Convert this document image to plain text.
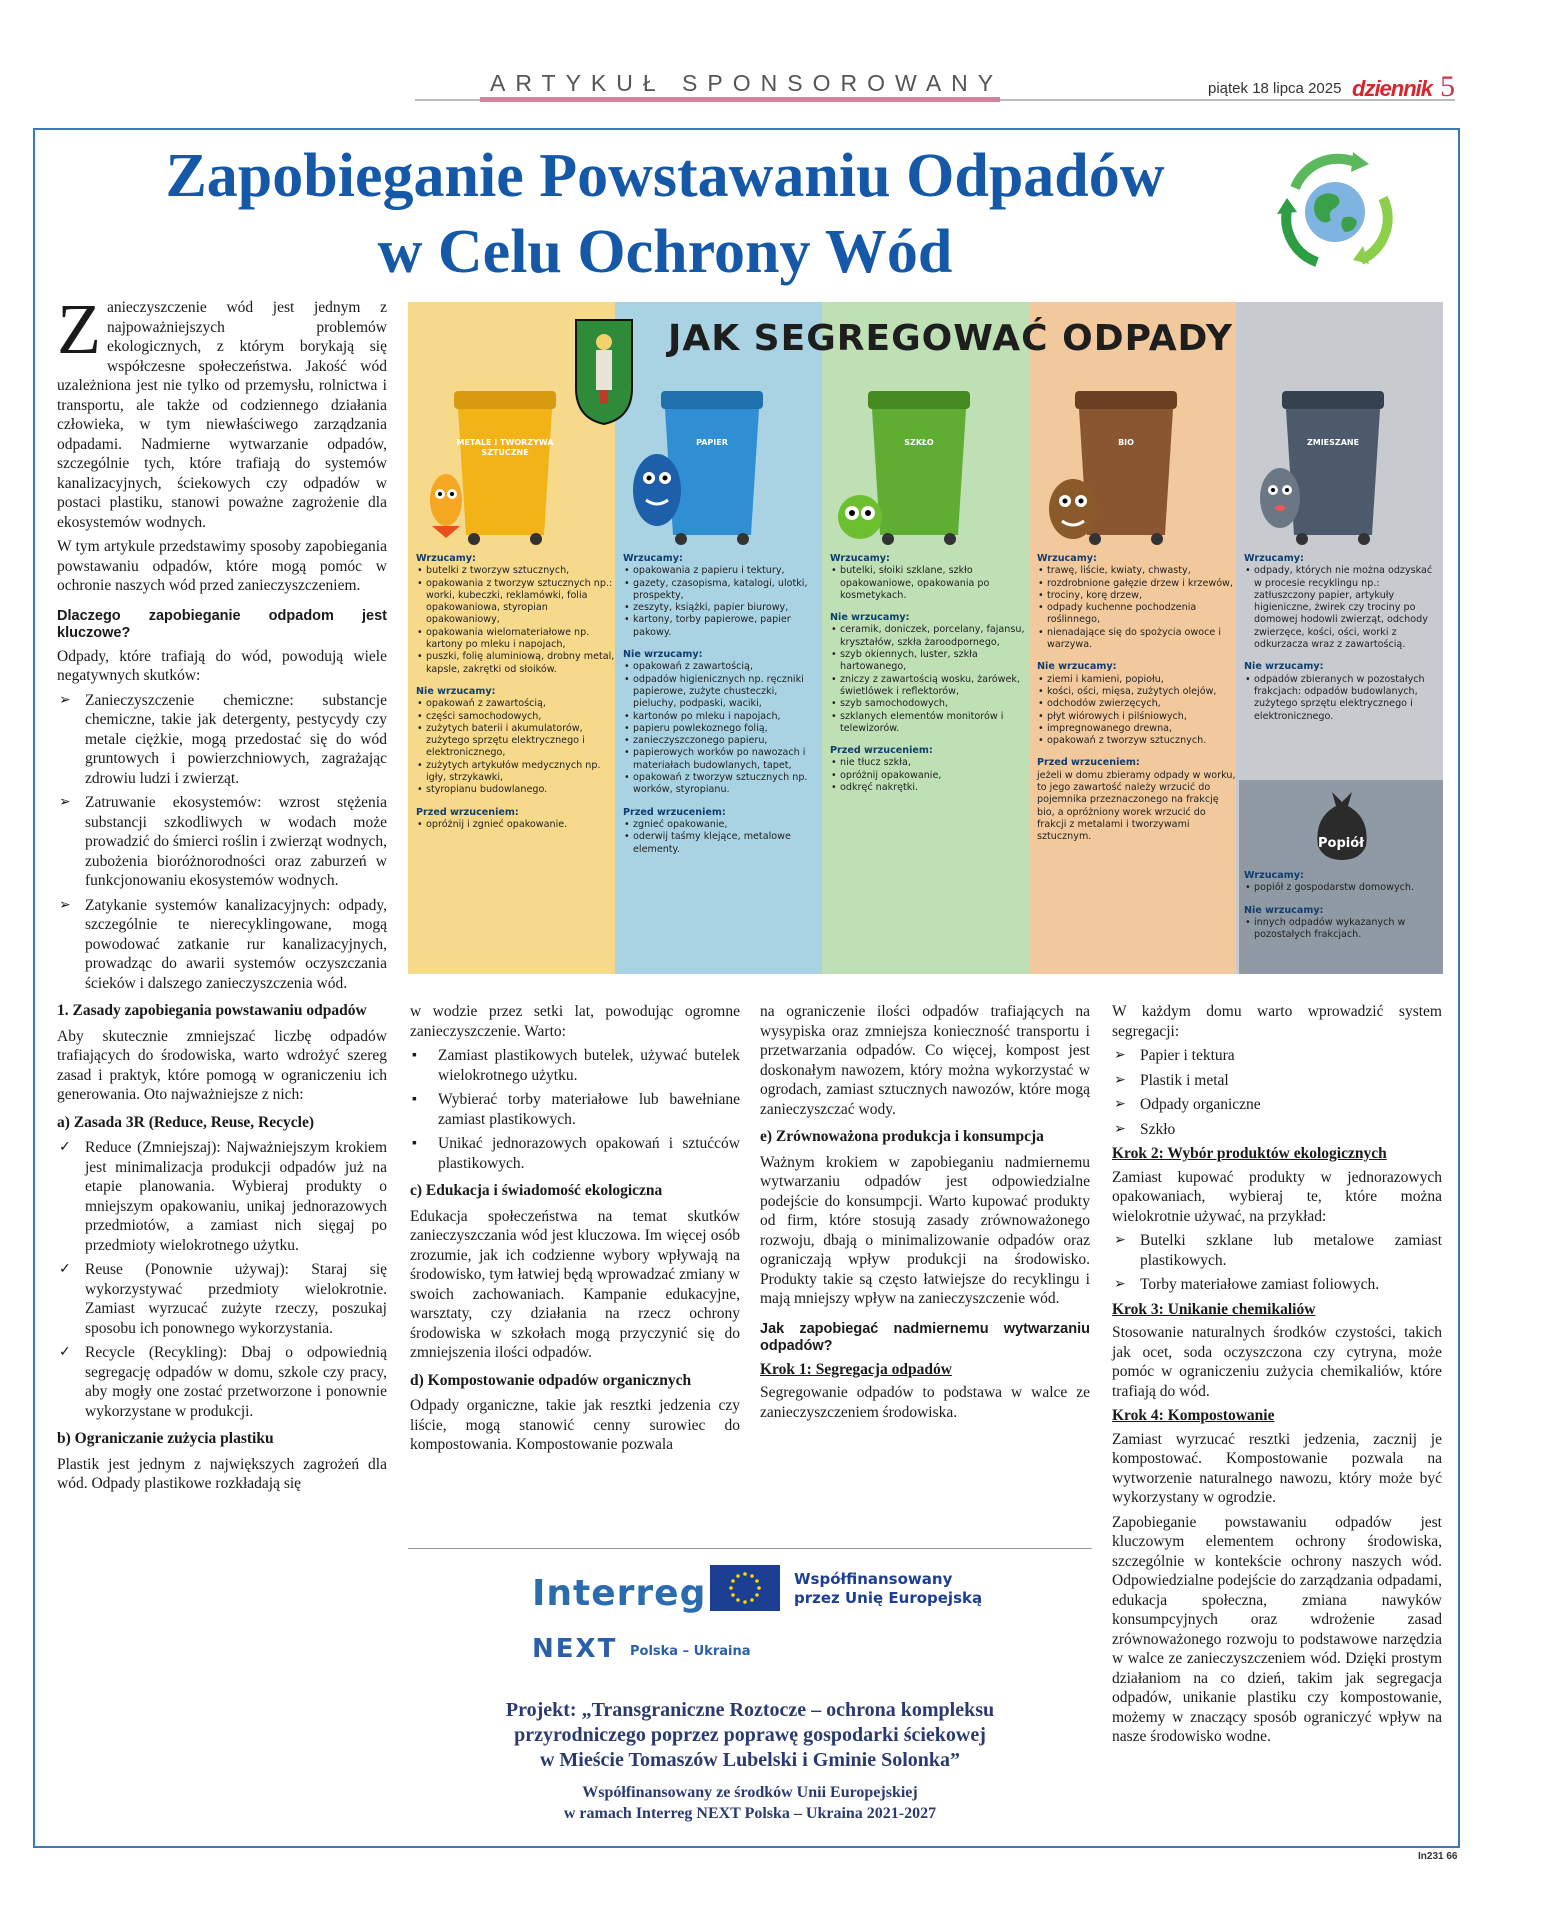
ARTYKUŁ SPONSOROWANY	piątek 18 lipca 2025 dziennik 5
Zapobieganie Powstawaniu Odpadów
w Celu Ochrony Wód

Zanieczyszczenie wód jest jednym z najpoważniejszych problemów ekologicznych, z którym borykają się współczesne społeczeństwa. Jakość wód uzależniona jest nie tylko od przemysłu, rolnictwa i transportu, ale także od codziennego działania człowieka, w tym niewłaściwego zarządzania odpadami. Nadmierne wytwarzanie odpadów, szczególnie tych, które trafiają do systemów kanalizacyjnych, ściekowych czy odpadów w postaci plastiku, stanowi poważne zagrożenie dla ekosystemów wodnych.

W tym artykule przedstawimy sposoby zapobiegania powstawaniu odpadów, które mogą pomóc w ochronie naszych wód przed zanieczyszczeniem.

Dlaczego zapobieganie odpadom jest kluczowe?

Odpady, które trafiają do wód, powodują wiele negatywnych skutków:

➢ Zanieczyszczenie chemiczne: substancje chemiczne, takie jak detergenty, pestycydy czy metale ciężkie, mogą przedostać się do wód gruntowych i powierzchniowych, zagrażając zdrowiu ludzi i zwierząt.
➢ Zatruwanie ekosystemów: wzrost stężenia substancji szkodliwych w wodach może prowadzić do śmierci roślin i zwierząt wodnych, zubożenia bioróżnorodności oraz zaburzeń w funkcjonowaniu ekosystemów wodnych.
➢ Zatykanie systemów kanalizacyjnych: odpady, szczególnie te nierecyklingowane, mogą powodować zatkanie rur kanalizacyjnych, prowadząc do awarii systemów oczyszczania ścieków i dalszego zanieczyszczenia wód.
1. Zasady zapobiegania powstawaniu odpadów

Aby skutecznie zmniejszać liczbę odpadów trafiających do środowiska, warto wdrożyć szereg zasad i praktyk, które pomogą w ograniczeniu ich generowania. Oto najważniejsze z nich:

a) Zasada 3R (Reduce, Reuse, Recycle)
✓ Reduce (Zmniejszaj): Najważniejszym krokiem jest minimalizacja produkcji odpadów już na etapie planowania. Wybieraj produkty o mniejszym opakowaniu, unikaj jednorazowych przedmiotów, a zamiast nich sięgaj po przedmioty wielokrotnego użytku.
✓ Reuse (Ponownie używaj): Staraj się wykorzystywać przedmioty wielokrotnie. Zamiast wyrzucać zużyte rzeczy, poszukaj sposobu ich ponownego wykorzystania.
✓ Recycle (Recykling): Dbaj o odpowiednią segregację odpadów w domu, szkole czy pracy, aby mogły one zostać przetworzone i ponownie wykorzystane w produkcji.
b) Ograniczanie zużycia plastiku

Plastik jest jednym z największych zagrożeń dla wód. Odpady plastikowe rozkładają się

JAK SEGREGOWAĆ ODPADY
METALE I TWORZYWA SZTUCZNE
PAPIER	SZKŁO	BIO	ZMIESZANE
Wrzucamy:
• butelki z tworzyw sztucznych,
• opakowania z tworzyw sztucznych np.: worki, kubeczki, reklamówki, folia opakowaniowa, styropian opakowaniowy,
• opakowania wielomateriałowe np. kartony po mleku i napojach,
• puszki, folię aluminiową, drobny metal, kapsle, zakrętki od słoików.
Nie wrzucamy:
• opakowań z zawartością,
• części samochodowych,
• zużytych baterii i akumulatorów, zużytego sprzętu elektrycznego i elektronicznego,
• zużytych artykułów medycznych np. igły, strzykawki,
• styropianu budowlanego.
Przed wrzuceniem:
• opróżnij i zgnieć opakowanie.
Wrzucamy:
• opakowania z papieru i tektury,
• gazety, czasopisma, katalogi, ulotki, prospekty,
• zeszyty, książki, papier biurowy,
• kartony, torby papierowe, papier pakowy.
Nie wrzucamy:
• opakowań z zawartością,
• odpadów higienicznych np. ręczniki papierowe, zużyte chusteczki, pieluchy, podpaski, waciki,
• kartonów po mleku i napojach,
• papieru powlekoznego folią,
• zanieczyszczonego papieru,
• papierowych worków po nawozach i materiałach budowlanych, tapet,
• opakowań z tworzyw sztucznych np. worków, styropianu.
Przed wrzuceniem:
• zgnieć opakowanie,
• oderwij taśmy klejące, metalowe elementy.
Wrzucamy:
• butelki, słoiki szklane, szkło opakowaniowe, opakowania po kosmetykach.
Nie wrzucamy:
• ceramik, doniczek, porcelany, fajansu, kryształów, szkła żaroodpornego,
• szyb okiennych, luster, szkła hartowanego,
• zniczy z zawartością wosku, żarówek, świetlówek i reflektorów,
• szyb samochodowych,
• szklanych elementów monitorów i telewizorów.
Przed wrzuceniem:
• nie tłucz szkła,
• opróżnij opakowanie,
• odkręć nakrętki.
Wrzucamy:
• trawę, liście, kwiaty, chwasty,
• rozdrobnione gałęzie drzew i krzewów,
• trociny, korę drzew,
• odpady kuchenne pochodzenia roślinnego,
• nienadające się do spożycia owoce i warzywa.
Nie wrzucamy:
• ziemi i kamieni, popiołu,
• kości, ości, mięsa, zużytych olejów,
• odchodów zwierzęcych,
• płyt wiórowych i pilśniowych,
• impregnowanego drewna,
• opakowań z tworzyw sztucznych.
Przed wrzuceniem:
jeżeli w domu zbieramy odpady w worku, to jego zawartość należy wrzucić do pojemnika przeznaczonego na frakcję bio, a opróżniony worek wrzucić do frakcji z metalami i tworzywami sztucznym.
Wrzucamy:
• odpady, których nie można odzyskać w procesie recyklingu np.: zatłuszczony papier, artykuły higieniczne, żwirek czy trociny po domowej hodowli zwierząt, odchody zwierzęce, kości, ości, worki z odkurzacza wraz z zawartością.
Nie wrzucamy:
• odpadów zbieranych w pozostałych frakcjach: odpadów budowlanych, zużytego sprzętu elektrycznego i elektronicznego.
Popiół
Wrzucamy:
• popiół z gospodarstw domowych.
Nie wrzucamy:
• innych odpadów wykazanych w pozostałych frakcjach.

w wodzie przez setki lat, powodując ogromne zanieczyszczenie. Warto:

▪ Zamiast plastikowych butelek, używać butelek wielokrotnego użytku.
▪ Wybierać torby materiałowe lub bawełniane zamiast plastikowych.
▪ Unikać jednorazowych opakowań i sztućców plastikowych.
c) Edukacja i świadomość ekologiczna

Edukacja społeczeństwa na temat skutków zanieczyszczania wód jest kluczowa. Im więcej osób zrozumie, jak ich codzienne wybory wpływają na środowisko, tym łatwiej będą wprowadzać zmiany w swoich zachowaniach. Kampanie edukacyjne, warsztaty, czy działania na rzecz ochrony środowiska w szkołach mogą przyczynić się do zmniejszenia ilości odpadów.

d) Kompostowanie odpadów organicznych

Odpady organiczne, takie jak resztki jedzenia czy liście, mogą stanowić cenny surowiec do kompostowania. Kompostowanie pozwala

na ograniczenie ilości odpadów trafiających na wysypiska oraz zmniejsza konieczność transportu i przetwarzania odpadów. Co więcej, kompost jest doskonałym nawozem, który można wykorzystać w ogrodach, zamiast sztucznych nawozów, które mogą zanieczyszczać wody.

e) Zrównoważona produkcja i konsumpcja

Ważnym krokiem w zapobieganiu nadmiernemu wytwarzaniu odpadów jest odpowiedzialne podejście do konsumpcji. Warto kupować produkty od firm, które stosują zasady zrównoważonego rozwoju, dbają o minimalizowanie odpadów oraz ograniczają wpływ produkcji na środowisko. Produkty takie są często łatwiejsze do recyklingu i mają mniejszy wpływ na zanieczyszczenie wód.

Jak zapobiegać nadmiernemu wytwarzaniu odpadów?
Krok 1: Segregacja odpadów

Segregowanie odpadów to podstawa w walce ze zanieczyszczeniem środowiska.

W każdym domu warto wprowadzić system segregacji:

➢ Papier i tektura
➢ Plastik i metal
➢ Odpady organiczne
➢ Szkło
Krok 2: Wybór produktów ekologicznych

Zamiast kupować produkty w jednorazowych opakowaniach, wybieraj te, które można wielokrotnie używać, na przykład:

➢ Butelki szklane lub metalowe zamiast plastikowych.
➢ Torby materiałowe zamiast foliowych.
Krok 3: Unikanie chemikaliów

Stosowanie naturalnych środków czystości, takich jak ocet, soda oczyszczona czy cytryna, może pomóc w ograniczeniu zużycia chemikaliów, które trafiają do wód.

Krok 4: Kompostowanie

Zamiast wyrzucać resztki jedzenia, zacznij je kompostować. Kompostowanie pozwala na wytworzenie naturalnego nawozu, który może być wykorzystany w ogrodzie.

Zapobieganie powstawaniu odpadów jest kluczowym elementem ochrony środowiska, szczególnie w kontekście ochrony naszych wód. Odpowiedzialne podejście do zarządzania odpadami, edukacja społeczna, zmiana nawyków konsumpcyjnych oraz wdrożenie zasad zrównoważonego rozwoju to podstawowe narzędzia w walce ze zanieczyszczeniem wód. Dzięki prostym działaniom na co dzień, takim jak segregacja odpadów, unikanie plastiku czy kompostowanie, możemy w znaczący sposób ograniczyć wpływ na nasze środowisko wodne.

Interreg	Współfinansowany
przez Unię Europejską
NEXT Polska – Ukraina
Projekt: „Transgraniczne Roztocze – ochrona kompleksu
przyrodniczego poprzez poprawę gospodarki ściekowej
w Mieście Tomaszów Lubelski i Gminie Solonka”
Współfinansowany ze środków Unii Europejskiej
w ramach Interreg NEXT Polska – Ukraina 2021-2027
In231 66
